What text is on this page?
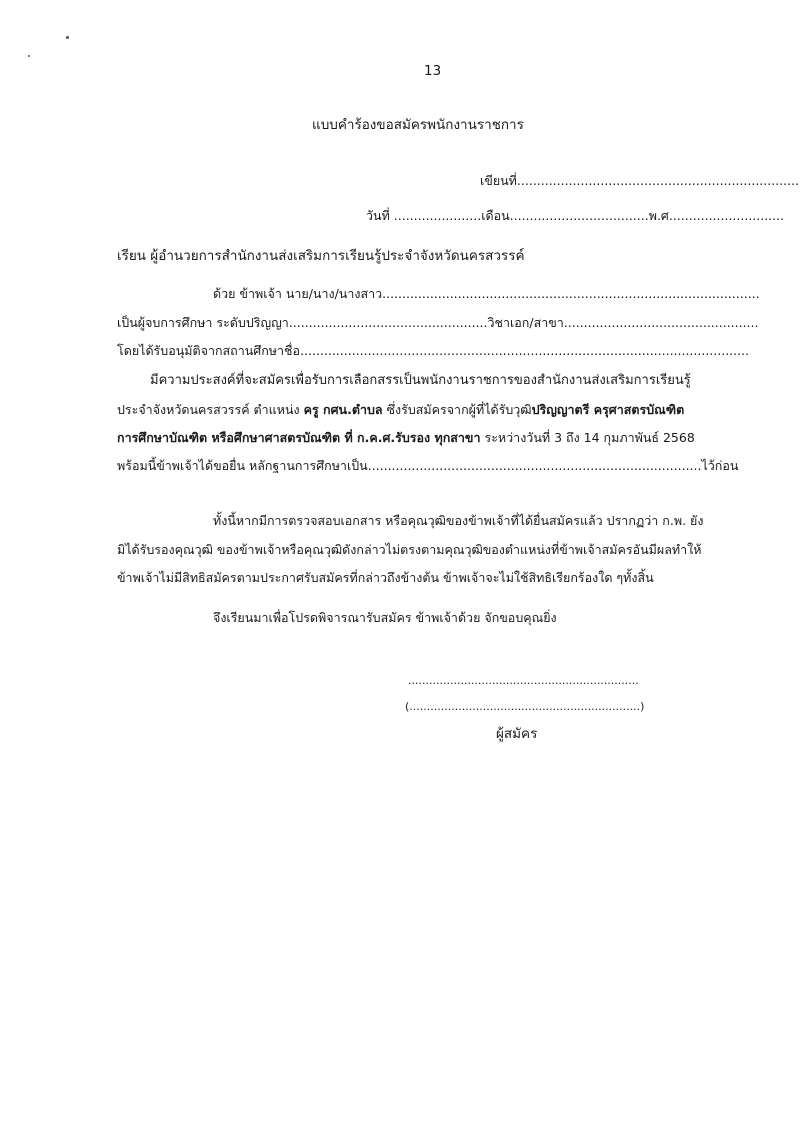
13
แบบคำร้องขอสมัครพนักงานราชการ
เขียนที่.......................................................................
วันที่ ......................เดือน...................................พ.ศ.............................
เรียน ผู้อำนวยการสำนักงานส่งเสริมการเรียนรู้ประจำจังหวัดนครสวรรค์
ด้วย ข้าพเจ้า นาย/นาง/นางสาว...............................................................................................
เป็นผู้จบการศึกษา ระดับปริญญา..................................................วิชาเอก/สาขา.................................................
โดยได้รับอนุมัติจากสถานศึกษาชื่อ.................................................................................................................
มีความประสงค์ที่จะสมัครเพื่อรับการเลือกสรรเป็นพนักงานราชการของสำนักงานส่งเสริมการเรียนรู้
ประจำจังหวัดนครสวรรค์ ตำแหน่ง ครู กศน.ตำบล ซึ่งรับสมัครจากผู้ที่ได้รับวุฒิปริญญาตรี ครุศาสตรบัณฑิต
การศึกษาบัณฑิต หรือศึกษาศาสตรบัณฑิต ที่ ก.ค.ศ.รับรอง ทุกสาขา ระหว่างวันที่ 3 ถึง 14 กุมภาพันธ์ 2568
พร้อมนี้ข้าพเจ้าได้ขอยื่น หลักฐานการศึกษาเป็น....................................................................................ไว้ก่อน
ทั้งนี้หากมีการตรวจสอบเอกสาร หรือคุณวุฒิของข้าพเจ้าที่ได้ยื่นสมัครแล้ว ปรากฏว่า ก.พ. ยัง
มิได้รับรองคุณวุฒิ ของข้าพเจ้าหรือคุณวุฒิดังกล่าวไม่ตรงตามคุณวุฒิของตำแหน่งที่ข้าพเจ้าสมัครอันมีผลทำให้
ข้าพเจ้าไม่มีสิทธิสมัครตามประกาศรับสมัครที่กล่าวถึงข้างต้น ข้าพเจ้าจะไม่ใช้สิทธิเรียกร้องใด ๆทั้งสิ้น
จึงเรียนมาเพื่อโปรดพิจารณารับสมัคร ข้าพเจ้าด้วย จักขอบคุณยิ่ง
..................................................................
(..................................................................)
ผู้สมัคร
